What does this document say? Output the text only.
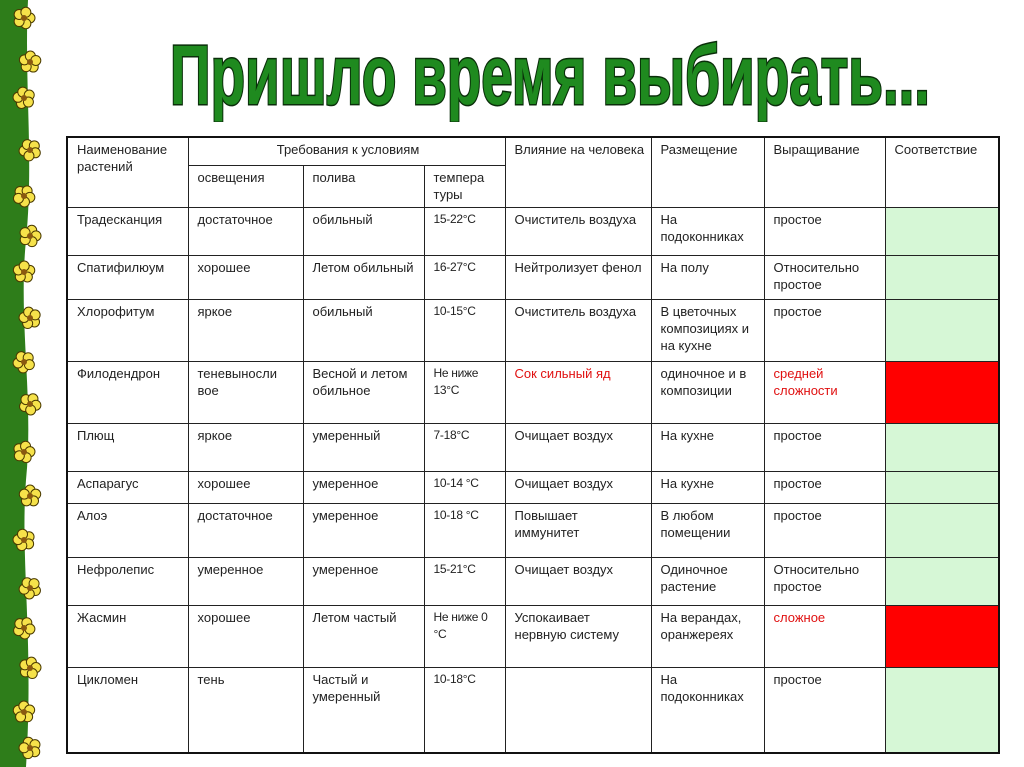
Пришло время выбирать...
Наименование растений	Требования к условиям			Влияние на человека	Размещение	Выращивание	Соответствие
	освещения	полива	темпера туры				
Традесканция	достаточное	обильный	15-22°C	Очиститель воздуха	На подоконниках	простое	
Спатифилюум	хорошее	Летом обильный	16-27°C	Нейтролизует фенол	На полу	Относительно простое	
Хлорофитум	яркое	обильный	10-15°C	Очиститель воздуха	В цветочных композициях и на кухне	простое	
Филодендрон	теневыносли вое	Весной и летом обильное	Не ниже 13°C	Сок сильный яд	одиночное и в композиции	средней сложности	
Плющ	яркое	умеренный	7-18°C	Очищает воздух	На кухне	простое	
Аспарагус	хорошее	умеренное	10-14 °C	Очищает воздух	На кухне	простое	
Алоэ	достаточное	умеренное	10-18 °C	Повышает иммунитет	В любом помещении	простое	
Нефролепис	умеренное	умеренное	15-21°C	Очищает воздух	Одиночное растение	Относительно простое	
Жасмин	хорошее	Летом частый	Не ниже 0 °C	Успокаивает нервную систему	На верандах, оранжереях	сложное	
Цикломен	тень	Частый и умеренный	10-18°C		На подоконниках	простое	
